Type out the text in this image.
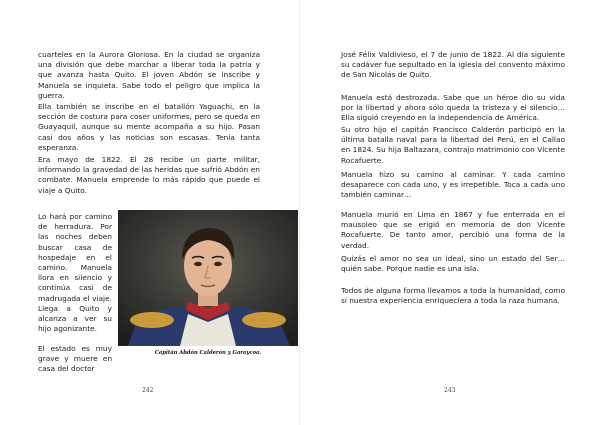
cuarteles en la Aurora Gloriosa. En la ciudad se organiza una división que debe marchar a liberar toda la patria y que avanza hasta Quito. El joven Abdón se inscribe y Manuela se inquieta. Sabe todo el peligro que implica la guerra.

Ella también se inscribe en el batallón Yaguachi, en la sección de costura para coser uniformes, pero se queda en Guayaquil, aunque su mente acompaña a su hijo. Pasan casi dos años y las noticias son escasas. Tenía tanta esperanza.

Era mayo de 1822. El 28 recibe un parte militar, informando la gravedad de las heridas que sufrió Abdón en combate. Manuela emprende lo más rápido que puede el viaje a Quito.

Lo hará por camino de herradura. Por las noches deben buscar casa de hospedaje en el camino. Manuela llora en silencio y continúa casi de madrugada el viaje. Llega a Quito y alcanza a ver su hijo agonizante.

El estado es muy grave y muere en casa del doctor

Capitán Abdón Calderón y Garaycoa.

242

José Félix Valdivieso, el 7 de junio de 1822. Al día siguiente su cadáver fue sepultado en la iglesia del convento máximo de San Nicolás de Quito.

Manuela está destrozada. Sabe que un héroe dio su vida por la libertad y ahora sólo queda la tristeza y el silencio… Ella siguió creyendo en la independencia de América.

Su otro hijo el capitán Francisco Calderón participó en la última batalla naval para la libertad del Perú, en el Callao en 1824. Su hija Baltazara, contrajo matrimonio con Vicente Rocafuerte.

Manuela hizo su camino al caminar. Y cada camino desaparece con cada uno, y es irrepetible. Toca a cada uno también caminar…

Manuela murió en Lima en 1867 y fue enterrada en el mausoleo que se erigió en memoria de don Vicente Rocafuerte. De tanto amor, percibió una forma de la verdad.

Quizás el amor no sea un ideal, sino un estado del Ser… quién sabe. Porque nadie es una isla.

Todos de alguna forma llevamos a toda la humanidad, como si nuestra experiencia enriqueciera a toda la raza humana.

243
